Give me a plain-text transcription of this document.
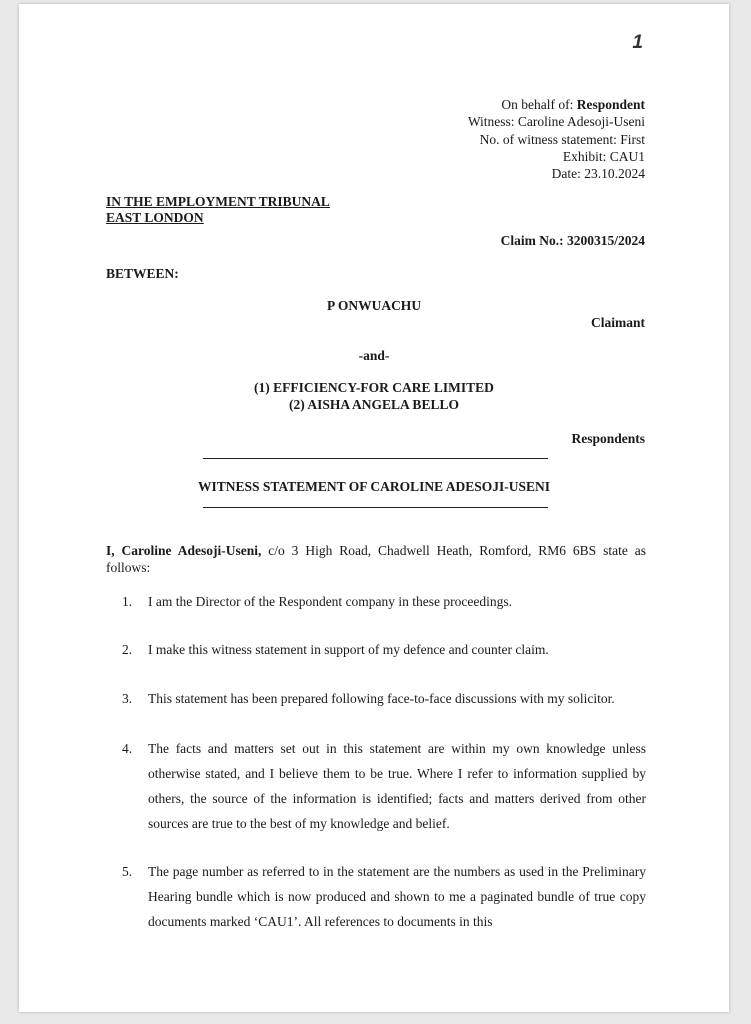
1
On behalf of: Respondent
Witness: Caroline Adesoji-Useni
No. of witness statement: First
Exhibit: CAU1
Date: 23.10.2024
IN THE EMPLOYMENT TRIBUNAL
EAST LONDON
Claim No.: 3200315/2024
BETWEEN:
P ONWUACHU
Claimant
-and-
(1) EFFICIENCY-FOR CARE LIMITED
(2) AISHA ANGELA BELLO
Respondents
WITNESS STATEMENT OF CAROLINE ADESOJI-USENI
I, Caroline Adesoji-Useni, c/o 3 High Road, Chadwell Heath, Romford, RM6 6BS state as follows:
1. I am the Director of the Respondent company in these proceedings.
2. I make this witness statement in support of my defence and counter claim.
3. This statement has been prepared following face-to-face discussions with my solicitor.
4. The facts and matters set out in this statement are within my own knowledge unless otherwise stated, and I believe them to be true. Where I refer to information supplied by others, the source of the information is identified; facts and matters derived from other sources are true to the best of my knowledge and belief.
5. The page number as referred to in the statement are the numbers as used in the Preliminary Hearing bundle which is now produced and shown to me a paginated bundle of true copy documents marked ‘CAU1’. All references to documents in this
